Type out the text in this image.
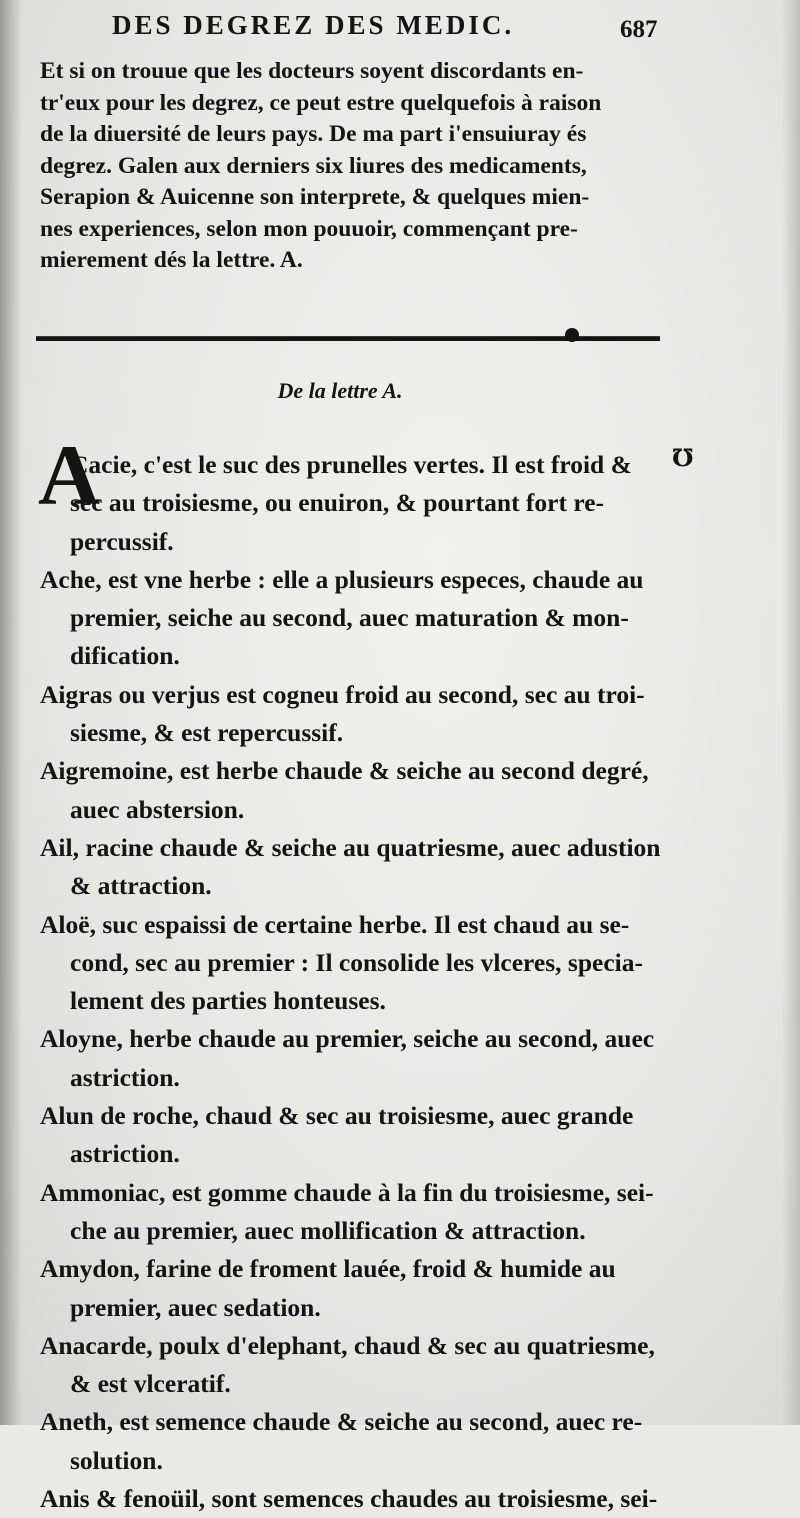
DES DEGREZ DES MEDIC.	687
Et si on trouue que les docteurs soyent discordants en-
tr'eux pour les degrez, ce peut estre quelquefois à raison
de la diuersité de leurs pays. De ma part i'ensuiuray és
degrez. Galen aux derniers six liures des medicaments,
Serapion & Auicenne son interprete, & quelques mien-
nes experiences, selon mon pouuoir, commençant pre-
mierement dés la lettre. A.
De la lettre A.
A	℧
Cacie, c'est le suc des prunelles vertes. Il est froid &
sec au troisiesme, ou enuiron, & pourtant fort re-
percussif.
Ache, est vne herbe : elle a plusieurs especes, chaude au
premier, seiche au second, auec maturation & mon-
dification.
Aigras ou verjus est cogneu froid au second, sec au troi-
siesme, & est repercussif.
Aigremoine, est herbe chaude & seiche au second degré,
auec abstersion.
Ail, racine chaude & seiche au quatriesme, auec adustion
& attraction.
Aloë, suc espaissi de certaine herbe. Il est chaud au se-
cond, sec au premier : Il consolide les vlceres, specia-
lement des parties honteuses.
Aloyne, herbe chaude au premier, seiche au second, auec
astriction.
Alun de roche, chaud & sec au troisiesme, auec grande
astriction.
Ammoniac, est gomme chaude à la fin du troisiesme, sei-
che au premier, auec mollification & attraction.
Amydon, farine de froment lauée, froid & humide au
premier, auec sedation.
Anacarde, poulx d'elephant, chaud & sec au quatriesme,
& est vlceratif.
Aneth, est semence chaude & seiche au second, auec re-
solution.
Anis & fenoüil, sont semences chaudes au troisiesme, sei-
